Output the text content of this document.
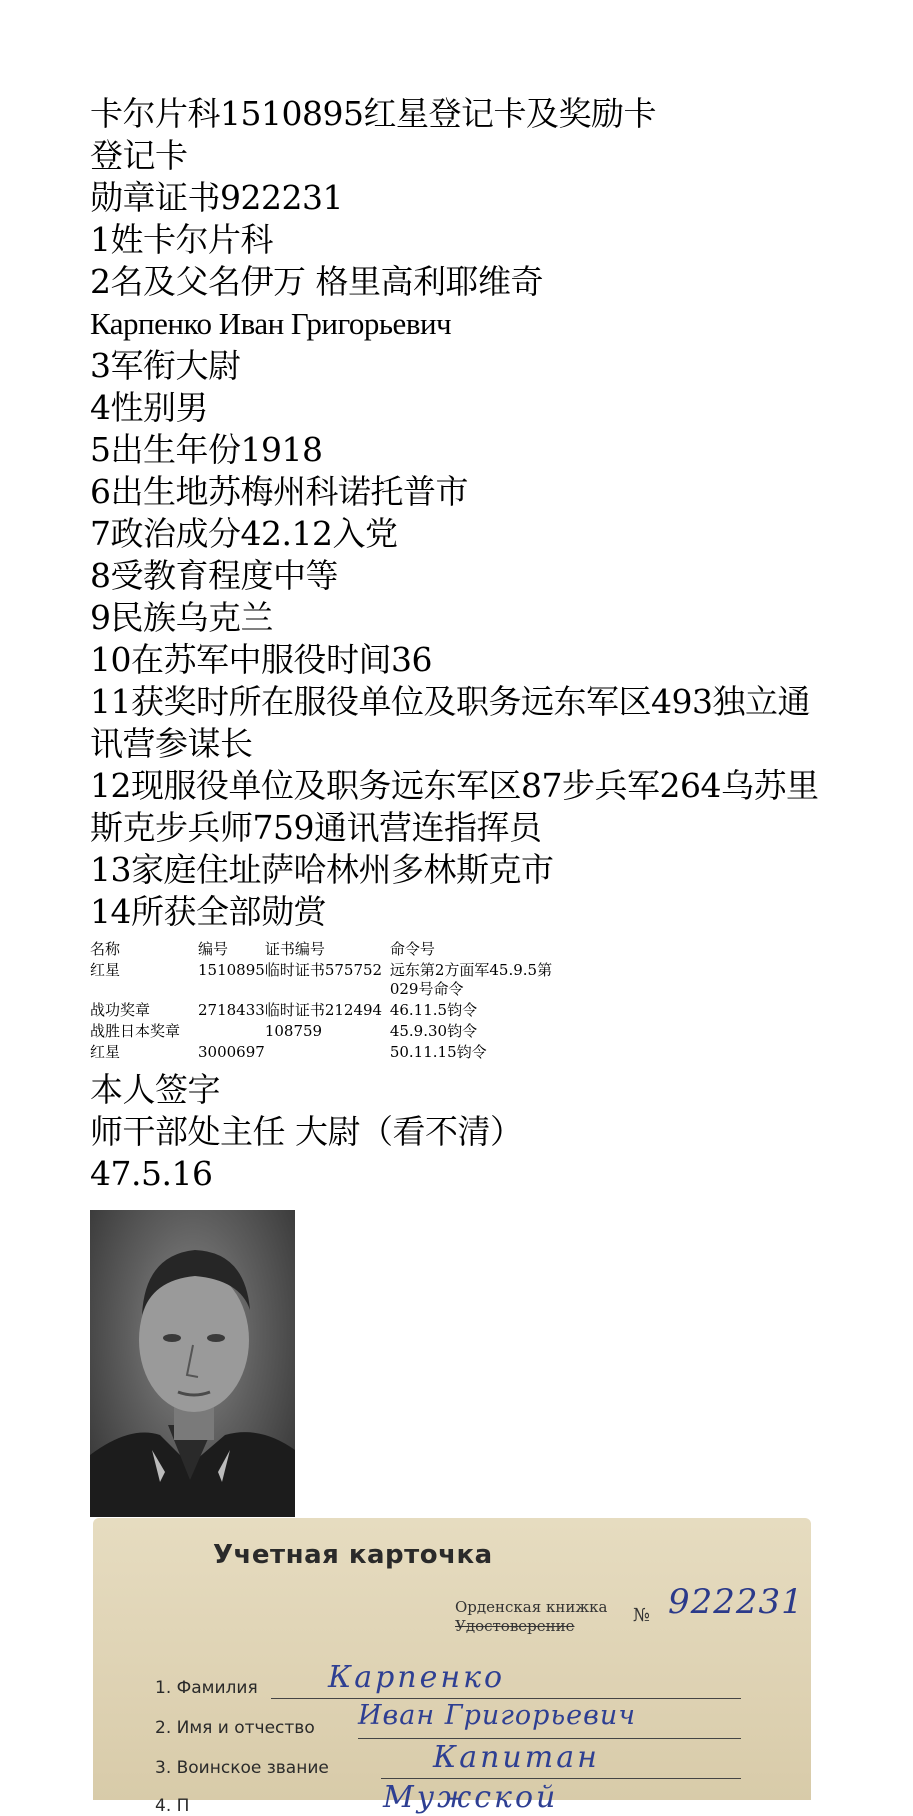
卡尔片科1510895红星登记卡及奖励卡
登记卡
勋章证书922231
1姓卡尔片科
2名及父名伊万 格里高利耶维奇
Карпенко Иван Григорьевич
3军衔大尉
4性别男
5出生年份1918
6出生地苏梅州科诺托普市
7政治成分42.12入党
8受教育程度中等
9民族乌克兰
10在苏军中服役时间36
11获奖时所在服役单位及职务远东军区493独立通讯营参谋长
12现服役单位及职务远东军区87步兵军264乌苏里斯克步兵师759通讯营连指挥员
13家庭住址萨哈林州多林斯克市
14所获全部勋赏
名称	编号	证书编号	命令号
红星	1510895	临时证书575752	远东第2方面军45.9.5第029号命令
战功奖章	2718433	临时证书212494	46.11.5钧令
战胜日本奖章		108759	45.9.30钧令
红星	3000697		50.11.15钧令
本人签字
师干部处主任 大尉（看不清）
47.5.16
Учетная карточка
Орденская книжка
Удостоверение	№ 922231
1. Фамилия Карпенко
2. Имя и отчество Иван Григорьевич
3. Воинское звание	Капитан
4. П	Мужской
